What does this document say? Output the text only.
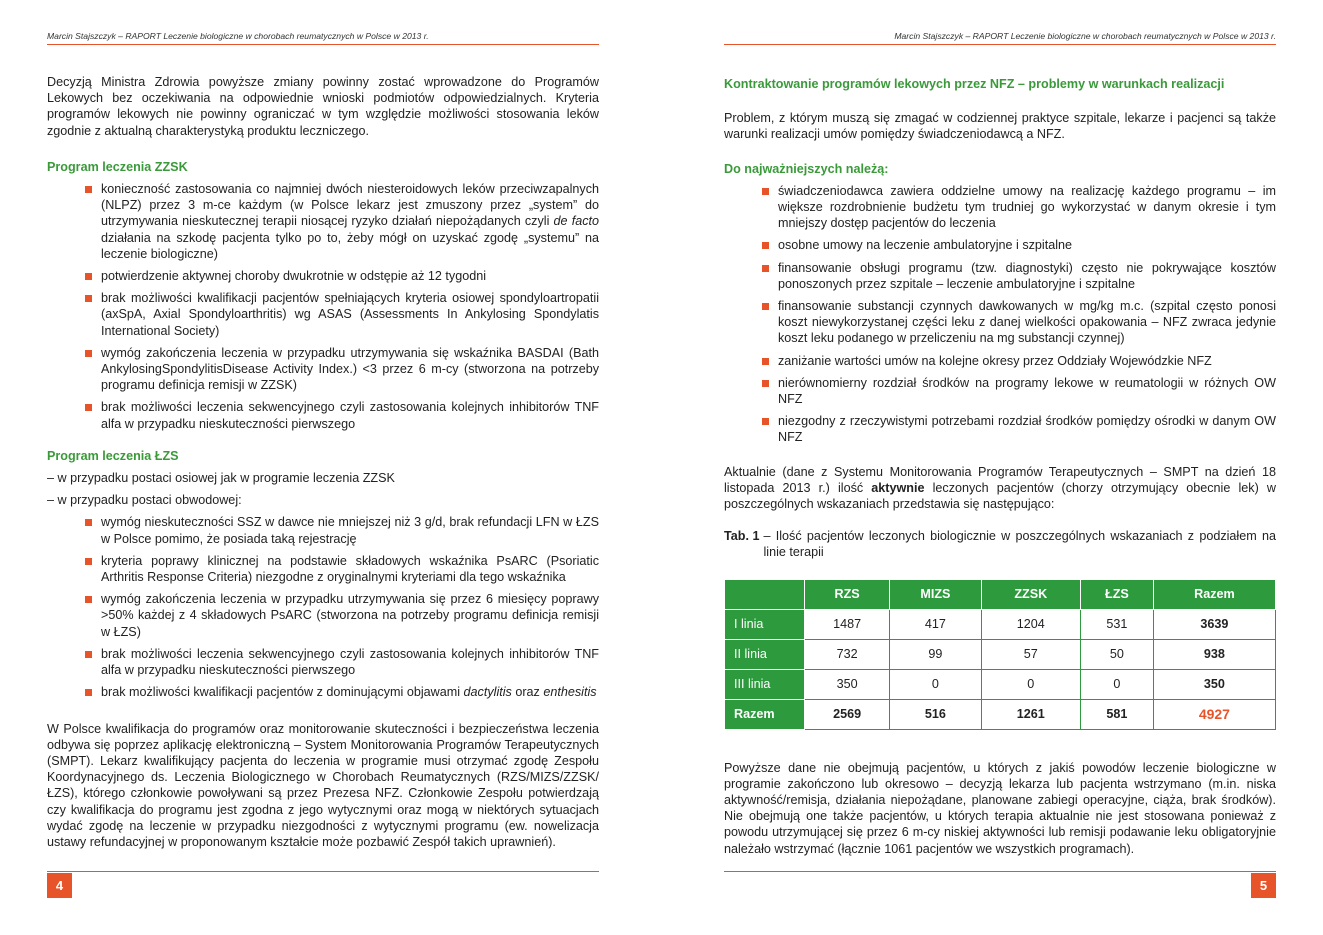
Marcin Stajszczyk – RAPORT Leczenie biologiczne w chorobach reumatycznych w Polsce w 2013 r.

Decyzją Ministra Zdrowia powyższe zmiany powinny zostać wprowadzone do Programów Lekowych bez oczekiwania na odpowiednie wnioski podmiotów odpowiedzialnych. Kryteria programów lekowych nie powinny ograniczać w tym względzie możliwości stosowania leków zgodnie z aktualną charakterystyką produktu leczniczego.

Program leczenia ZZSK
konieczność zastosowania co najmniej dwóch niesteroidowych leków przeciwzapalnych (NLPZ) przez 3 m-ce każdym (w Polsce lekarz jest zmuszony przez „system” do utrzymywania nieskutecznej terapii niosącej ryzyko działań niepożądanych czyli de facto działania na szkodę pacjenta tylko po to, żeby mógł on uzyskać zgodę „systemu” na leczenie biologiczne)
potwierdzenie aktywnej choroby dwukrotnie w odstępie aż 12 tygodni
brak możliwości kwalifikacji pacjentów spełniających kryteria osiowej spondyloartropatii (axSpA, Axial Spondyloarthritis) wg ASAS (Assessments In Ankylosing Spondylatis International Society)
wymóg zakończenia leczenia w przypadku utrzymywania się wskaźnika BASDAI (Bath AnkylosingSpondylitisDisease Activity Index.) <3 przez 6 m-cy (stworzona na potrzeby programu definicja remisji w ZZSK)
brak możliwości leczenia sekwencyjnego czyli zastosowania kolejnych inhibitorów TNF alfa w przypadku nieskuteczności pierwszego
Program leczenia ŁZS

– w przypadku postaci osiowej jak w programie leczenia ZZSK

– w przypadku postaci obwodowej:

wymóg nieskuteczności SSZ w dawce nie mniejszej niż 3 g/d, brak refundacji LFN w ŁZS w Polsce pomimo, że posiada taką rejestrację
kryteria poprawy klinicznej na podstawie składowych wskaźnika PsARC (Psoriatic Arthritis Response Criteria) niezgodne z oryginalnymi kryteriami dla tego wskaźnika
wymóg zakończenia leczenia w przypadku utrzymywania się przez 6 miesięcy poprawy >50% każdej z 4 składowych PsARC (stworzona na potrzeby programu definicja remisji w ŁZS)
brak możliwości leczenia sekwencyjnego czyli zastosowania kolejnych inhibitorów TNF alfa w przypadku nieskuteczności pierwszego
brak możliwości kwalifikacji pacjentów z dominującymi objawami dactylitis oraz enthesitis

W Polsce kwalifikacja do programów oraz monitorowanie skuteczności i bezpieczeństwa leczenia odbywa się poprzez aplikację elektroniczną – System Monitorowania Programów Terapeutycznych (SMPT). Lekarz kwalifikujący pacjenta do leczenia w programie musi otrzymać zgodę Zespołu Koordynacyjnego ds. Leczenia Biologicznego w Chorobach Reumatycznych (RZS/MIZS/ZZSK/ŁZS), którego członkowie powoływani są przez Prezesa NFZ. Członkowie Zespołu potwierdzają czy kwalifikacja do programu jest zgodna z jego wytycznymi oraz mogą w niektórych sytuacjach wydać zgodę na leczenie w przypadku niezgodności z wytycznymi programu (ew. nowelizacja ustawy refundacyjnej w proponowanym kształcie może pozbawić Zespół takich uprawnień).

4
Marcin Stajszczyk – RAPORT Leczenie biologiczne w chorobach reumatycznych w Polsce w 2013 r.
Kontraktowanie programów lekowych przez NFZ – problemy w warunkach realizacji

Problem, z którym muszą się zmagać w codziennej praktyce szpitale, lekarze i pacjenci są także warunki realizacji umów pomiędzy świadczeniodawcą a NFZ.

Do najważniejszych należą:
świadczeniodawca zawiera oddzielne umowy na realizację każdego programu – im większe rozdrobnienie budżetu tym trudniej go wykorzystać w danym okresie i tym mniejszy dostęp pacjentów do leczenia
osobne umowy na leczenie ambulatoryjne i szpitalne
finansowanie obsługi programu (tzw. diagnostyki) często nie pokrywające kosztów ponoszonych przez szpitale – leczenie ambulatoryjne i szpitalne
finansowanie substancji czynnych dawkowanych w mg/kg m.c. (szpital często ponosi koszt niewykorzystanej części leku z danej wielkości opakowania – NFZ zwraca jedynie koszt leku podanego w przeliczeniu na mg substancji czynnej)
zaniżanie wartości umów na kolejne okresy przez Oddziały Wojewódzkie NFZ
nierównomierny rozdział środków na programy lekowe w reumatologii w różnych OW NFZ
niezgodny z rzeczywistymi potrzebami rozdział środków pomiędzy ośrodki w danym OW NFZ

Aktualnie (dane z Systemu Monitorowania Programów Terapeutycznych – SMPT na dzień 18 listopada 2013 r.) ilość aktywnie leczonych pacjentów (chorzy otrzymujący obecnie lek) w poszczególnych wskazaniach przedstawia się następująco:

Tab. 1 – Ilość pacjentów leczonych biologicznie w poszczególnych wskazaniach z podziałem na linie terapii
	RZS	MIZS	ZZSK	ŁZS	Razem
I linia	1487	417	1204	531	3639
II linia	732	99	57	50	938
III linia	350	0	0	0	350
Razem	2569	516	1261	581	4927

Powyższe dane nie obejmują pacjentów, u których z jakiś powodów leczenie biologiczne w programie zakończono lub okresowo – decyzją lekarza lub pacjenta wstrzymano (m.in. niska aktywność/remisja, działania niepożądane, planowane zabiegi operacyjne, ciąża, brak środków). Nie obejmują one także pacjentów, u których terapia aktualnie nie jest stosowana ponieważ z powodu utrzymującej się przez 6 m-cy niskiej aktywności lub remisji podawanie leku obligatoryjnie należało wstrzymać (łącznie 1061 pacjentów we wszystkich programach).

5
